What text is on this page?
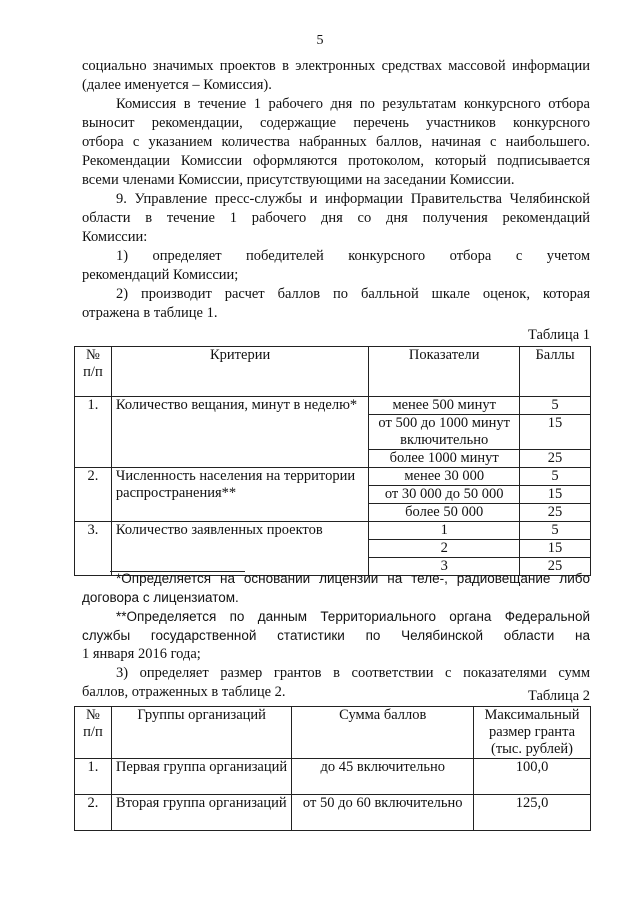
5

социально значимых проектов в электронных средствах массовой информации

(далее именуется – Комиссия).

Комиссия в течение 1 рабочего дня по результатам конкурсного отбора

выносит рекомендации, содержащие перечень участников конкурсного

отбора с указанием количества набранных баллов, начиная с наибольшего.

Рекомендации Комиссии оформляются протоколом, который подписывается

всеми членами Комиссии, присутствующими на заседании Комиссии.

9. Управление пресс-службы и информации Правительства Челябинской

области в течение 1 рабочего дня со дня получения рекомендаций

Комиссии:

1) определяет победителей конкурсного отбора с учетом

рекомендаций Комиссии;

2) производит расчет баллов по балльной шкале оценок, которая

отражена в таблице 1.

Таблица 1
№ п/п	Критерии	Показатели	Баллы
1.	Количество вещания, минут в неделю*	менее 500 минут	5
		от 500 до 1000 минут включительно	15
		более 1000 минут	25
2.	Численность населения на территории распространения**	менее 30 000	5
		от 30 000 до 50 000	15
		более 50 000	25
3.	Количество заявленных проектов	1	5
		2	15
		3	25

*Определяется на основании лицензии на теле-, радиовещание либо

договора с лицензиатом.

**Определяется по данным Территориального органа Федеральной

службы государственной статистики по Челябинской области на

1 января 2016 года;

3) определяет размер грантов в соответствии с показателями сумм

баллов, отраженных в таблице 2.	Таблица 2
№ п/п	Группы организаций	Сумма баллов	Максимальный размер гранта (тыс. рублей)
1.	Первая группа организаций	до 45 включительно	100,0
2.	Вторая группа организаций	от 50 до 60 включительно	125,0
